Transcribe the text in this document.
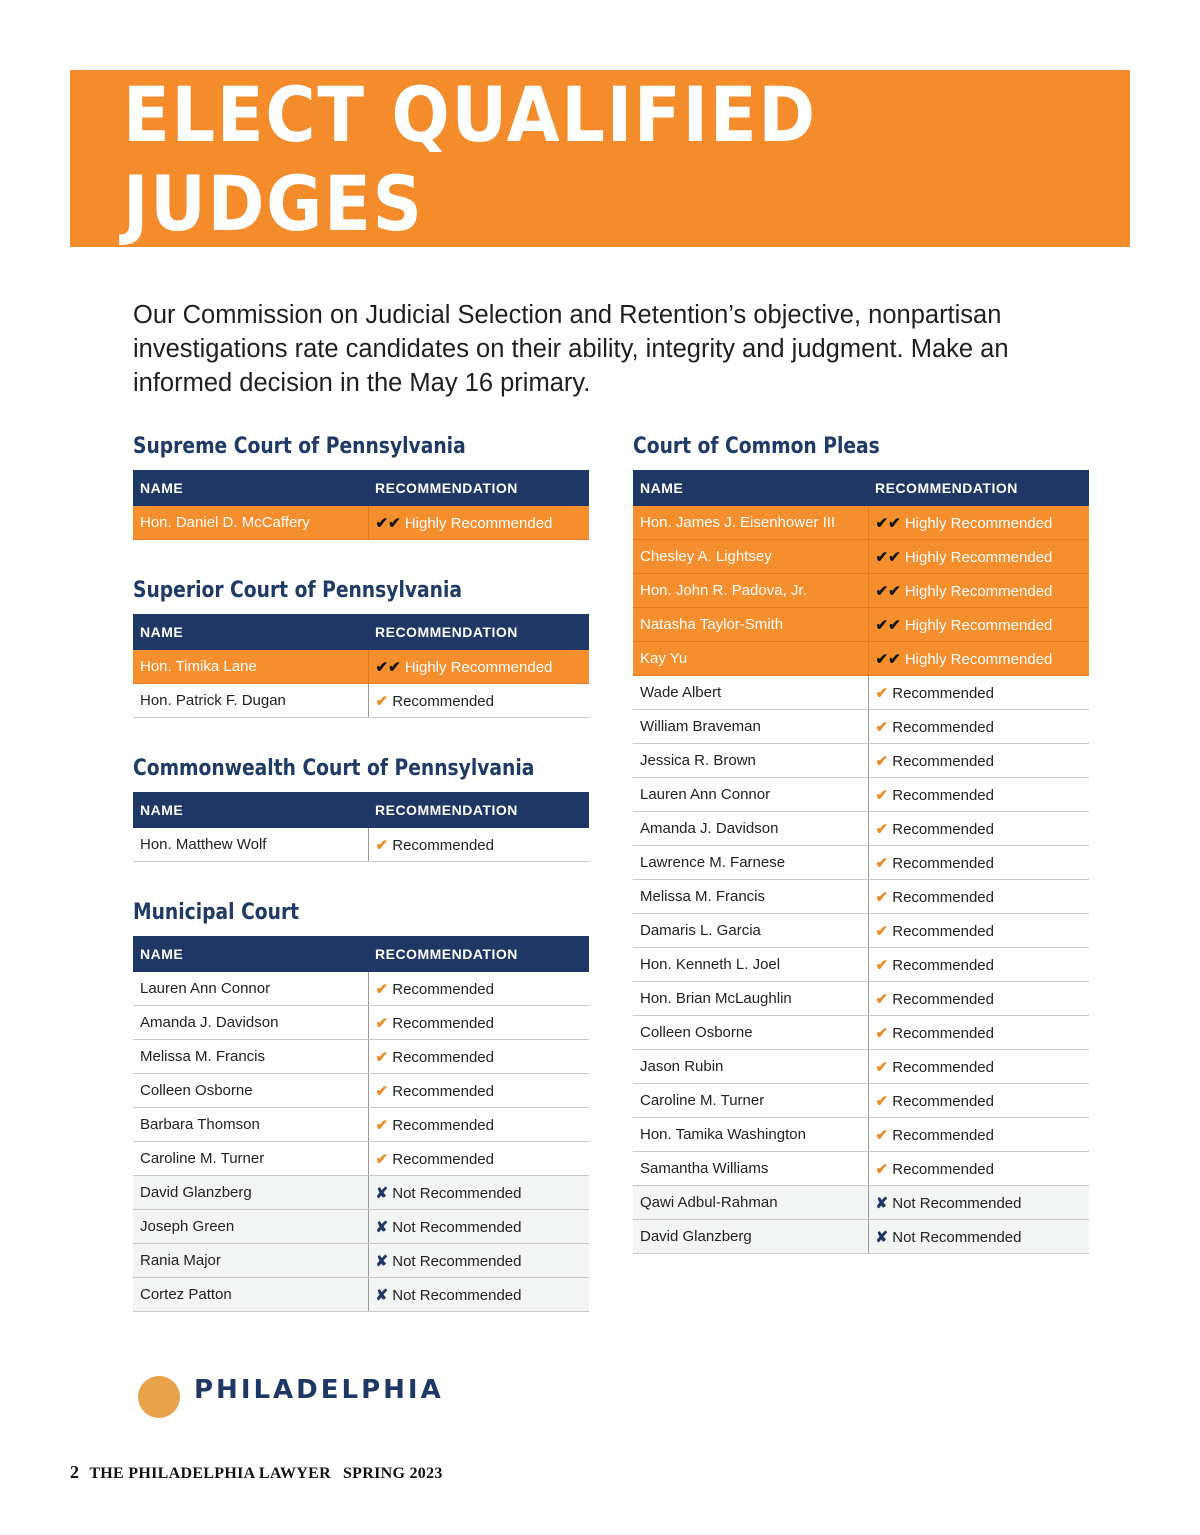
ELECT QUALIFIED JUDGES

Our Commission on Judicial Selection and Retention’s objective, nonpartisan investigations rate candidates on their ability, integrity and judgment. Make an informed decision in the May 16 primary.

Supreme Court of Pennsylvania
NAME	RECOMMENDATION
Hon. Daniel D. McCaffery	✔✔ Highly Recommended
Superior Court of Pennsylvania
NAME	RECOMMENDATION
Hon. Timika Lane	✔✔ Highly Recommended
Hon. Patrick F. Dugan	✔ Recommended
Commonwealth Court of Pennsylvania
NAME	RECOMMENDATION
Hon. Matthew Wolf	✔ Recommended
Municipal Court
NAME	RECOMMENDATION
Lauren Ann Connor	✔ Recommended
Amanda J. Davidson	✔ Recommended
Melissa M. Francis	✔ Recommended
Colleen Osborne	✔ Recommended
Barbara Thomson	✔ Recommended
Caroline M. Turner	✔ Recommended
David Glanzberg	✘ Not Recommended
Joseph Green	✘ Not Recommended
Rania Major	✘ Not Recommended
Cortez Patton	✘ Not Recommended
Court of Common Pleas
NAME	RECOMMENDATION
Hon. James J. Eisenhower III	✔✔ Highly Recommended
Chesley A. Lightsey	✔✔ Highly Recommended
Hon. John R. Padova, Jr.	✔✔ Highly Recommended
Natasha Taylor-Smith	✔✔ Highly Recommended
Kay Yu	✔✔ Highly Recommended
Wade Albert	✔ Recommended
William Braveman	✔ Recommended
Jessica R. Brown	✔ Recommended
Lauren Ann Connor	✔ Recommended
Amanda J. Davidson	✔ Recommended
Lawrence M. Farnese	✔ Recommended
Melissa M. Francis	✔ Recommended
Damaris L. Garcia	✔ Recommended
Hon. Kenneth L. Joel	✔ Recommended
Hon. Brian McLaughlin	✔ Recommended
Colleen Osborne	✔ Recommended
Jason Rubin	✔ Recommended
Caroline M. Turner	✔ Recommended
Hon. Tamika Washington	✔ Recommended
Samantha Williams	✔ Recommended
Qawi Adbul-Rahman	✘ Not Recommended
David Glanzberg	✘ Not Recommended
PHILADELPHIA
2 THE PHILADELPHIA LAWYER SPRING 2023
